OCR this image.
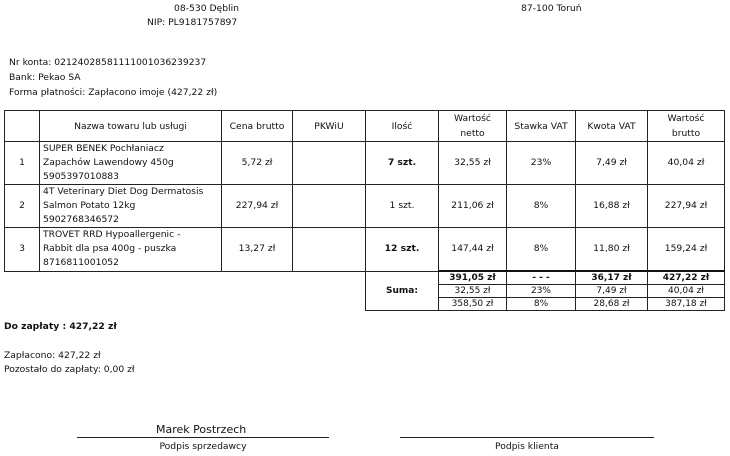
08-530 Dęblin
NIP: PL9181757897
87-100 Toruń
Nr konta: 02124028581111001036239237
Bank: Pekao SA
Forma płatności: Zapłacono imoje (427,22 zł)
	Nazwa towaru lub usługi	Cena brutto	PKWiU	Ilość	Wartość netto	Stawka VAT	Kwota VAT	Wartość brutto

1	SUPER BENEK Pochłaniacz
Zapachów Lawendowy 450g
5905397010883	5,72 zł		7 szt.	32,55 zł	23%	7,49 zł	40,04 zł
2	4T Veterinary Diet Dog Dermatosis
Salmon Potato 12kg
5902768346572	227,94 zł		1 szt.	211,06 zł	8%	16,88 zł	227,94 zł
3	TROVET RRD Hypoallergenic -
Rabbit dla psa 400g - puszka
8716811001052	13,27 zł		12 szt.	147,44 zł	8%	11,80 zł	159,24 zł
				Suma:	391,05 zł	- - -	36,17 zł	427,22 zł
					32,55 zł	23%	7,49 zł	40,04 zł
					358,50 zł	8%	28,68 zł	387,18 zł
Do zapłaty : 427,22 zł
Zapłacono: 427,22 zł
Pozostało do zapłaty: 0,00 zł
Marek Postrzech
Podpis sprzedawcy	Podpis klienta
